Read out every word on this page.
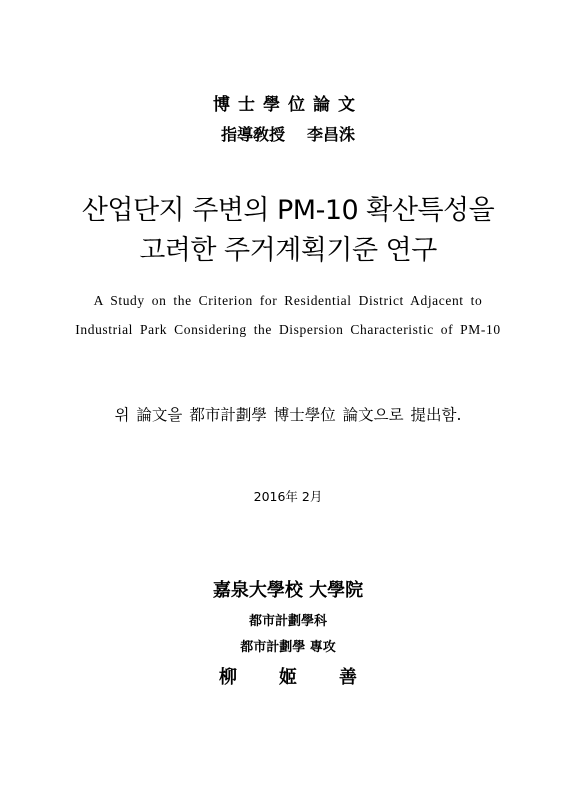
博士學位論文
指導敎授 李昌洙
산업단지 주변의 PM-10 확산특성을
고려한 주거계획기준 연구
A Study on the Criterion for Residential District Adjacent to
Industrial Park Considering the Dispersion Characteristic of PM-10
위 論文을 都市計劃學 博士學位 論文으로 提出함.
2016年 2月
嘉泉大學校 大學院
都市計劃學科
都市計劃學 專攻
柳 姬 善
